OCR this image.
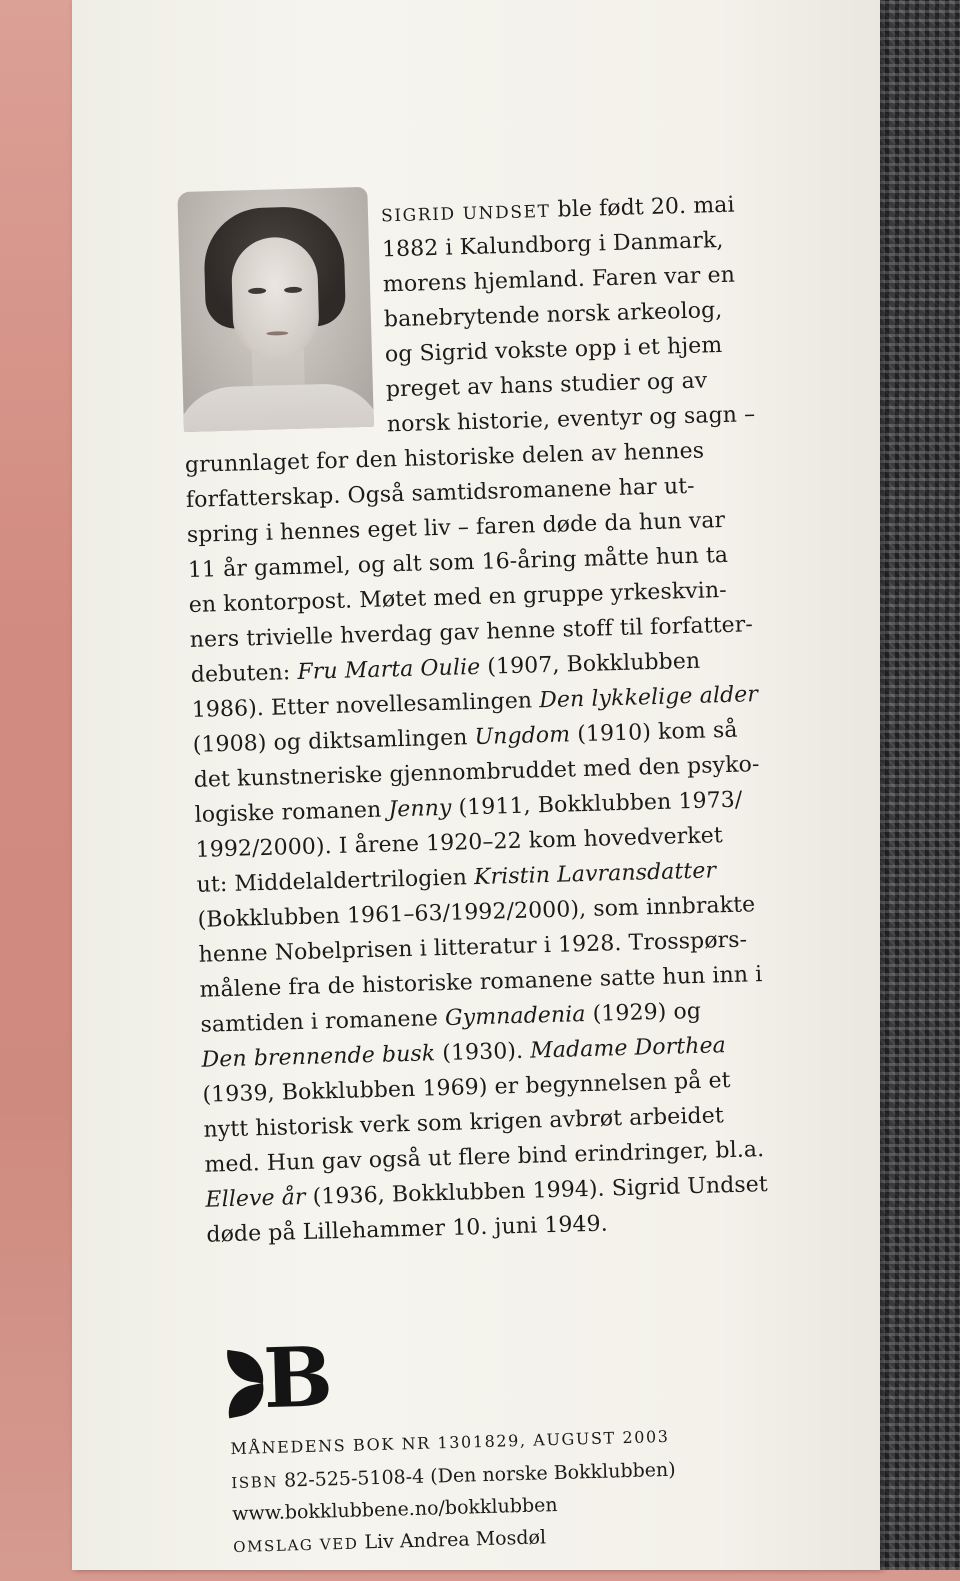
SIGRID UNDSET ble født 20. mai
1882 i Kalundborg i Danmark,
morens hjemland. Faren var en
banebrytende norsk arkeolog,
og Sigrid vokste opp i et hjem
preget av hans studier og av
norsk historie, eventyr og sagn –
grunnlaget for den historiske delen av hennes
forfatterskap. Også samtidsromanene har ut-
spring i hennes eget liv – faren døde da hun var
11 år gammel, og alt som 16-åring måtte hun ta
en kontorpost. Møtet med en gruppe yrkeskvin-
ners trivielle hverdag gav henne stoff til forfatter-
debuten: Fru Marta Oulie (1907, Bokklubben
1986). Etter novellesamlingen Den lykkelige alder
(1908) og diktsamlingen Ungdom (1910) kom så
det kunstneriske gjennombruddet med den psyko-
logiske romanen Jenny (1911, Bokklubben 1973/
1992/2000). I årene 1920–22 kom hovedverket
ut: Middelaldertrilogien Kristin Lavransdatter
(Bokklubben 1961–63/1992/2000), som innbrakte
henne Nobelprisen i litteratur i 1928. Trosspørs-
målene fra de historiske romanene satte hun inn i
samtiden i romanene Gymnadenia (1929) og
Den brennende busk (1930). Madame Dorthea
(1939, Bokklubben 1969) er begynnelsen på et
nytt historisk verk som krigen avbrøt arbeidet
med. Hun gav også ut flere bind erindringer, bl.a.
Elleve år (1936, Bokklubben 1994). Sigrid Undset
døde på Lillehammer 10. juni 1949.
B
MÅNEDENS BOK NR 1301829, AUGUST 2003
ISBN 82-525-5108-4 (Den norske Bokklubben)
www.bokklubbene.no/bokklubben
OMSLAG VED Liv Andrea Mosdøl
